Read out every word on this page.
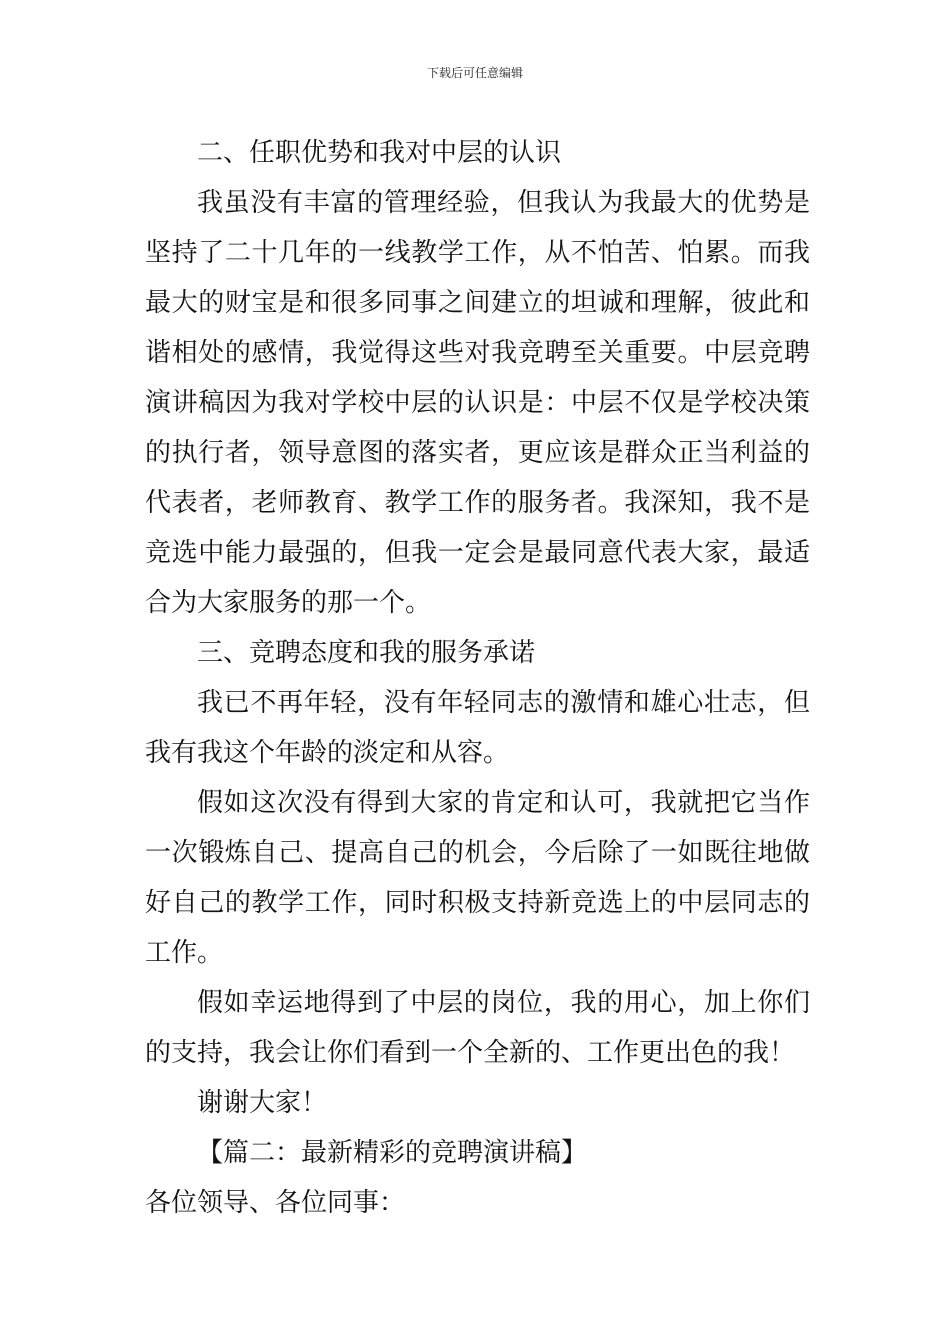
下载后可任意编辑
二、任职优势和我对中层的认识
我虽没有丰富的管理经验，但我认为我最大的优势是
坚持了二十几年的一线教学工作，从不怕苦、怕累。而我
最大的财宝是和很多同事之间建立的坦诚和理解，彼此和
谐相处的感情，我觉得这些对我竞聘至关重要。中层竞聘
演讲稿因为我对学校中层的认识是：中层不仅是学校决策
的执行者，领导意图的落实者，更应该是群众正当利益的
代表者，老师教育、教学工作的服务者。我深知，我不是
竞选中能力最强的，但我一定会是最同意代表大家，最适
合为大家服务的那一个。
三、竞聘态度和我的服务承诺
我已不再年轻，没有年轻同志的激情和雄心壮志，但
我有我这个年龄的淡定和从容。
假如这次没有得到大家的肯定和认可，我就把它当作
一次锻炼自己、提高自己的机会，今后除了一如既往地做
好自己的教学工作，同时积极支持新竞选上的中层同志的
工作。
假如幸运地得到了中层的岗位，我的用心，加上你们
的支持，我会让你们看到一个全新的、工作更出色的我！
谢谢大家！
【篇二：最新精彩的竞聘演讲稿】
各位领导、各位同事：
